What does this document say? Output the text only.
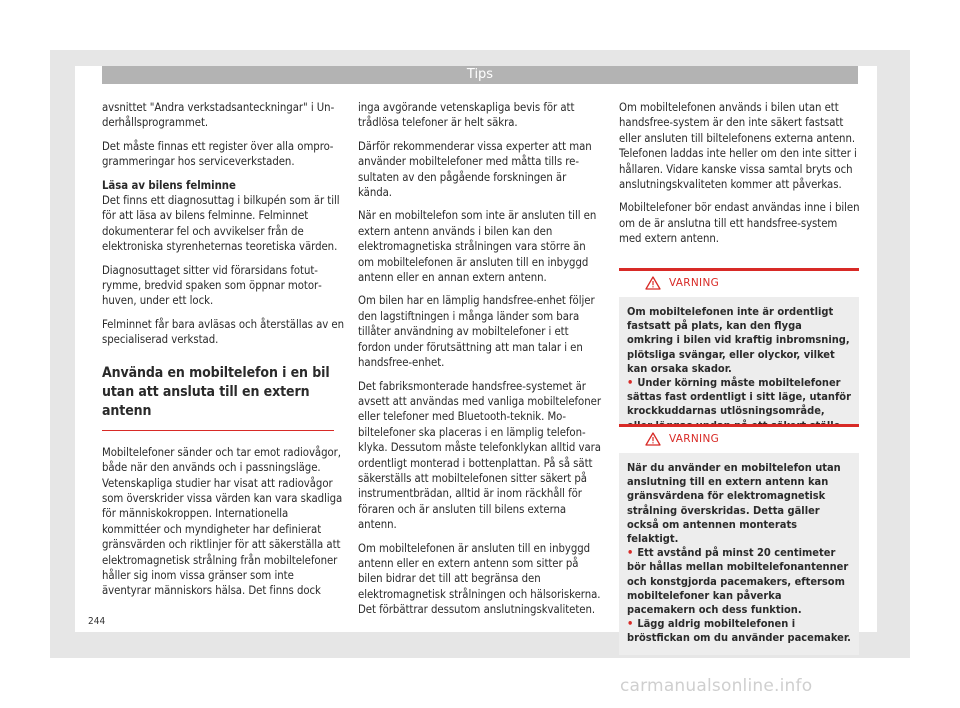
Tips

avsnittet "Andra verkstadsanteckningar" i Underhållsprogrammet.

Det måste finnas ett register över alla omprogrammeringar hos serviceverkstaden.

Läsa av bilens felminne

Det finns ett diagnosuttag i bilkupén som är till för att läsa av bilens felminne. Felminnet dokumenterar fel och avvikelser från de elektroniska styrenheternas teoretiska värden.

Diagnosuttaget sitter vid förarsidans fotutrymme, bredvid spaken som öppnar motorhuven, under ett lock.

Felminnet får bara avläsas och återställas av en specialiserad verkstad.

Använda en mobiltelefon i en bil utan att ansluta till en extern antenn

Mobiltelefoner sänder och tar emot radiovågor, både när den används och i passningsläge. Vetenskapliga studier har visat att radiovågor som överskrider vissa värden kan vara skadliga för människokroppen. Internationella kommittéer och myndigheter har definierat gränsvärden och riktlinjer för att säkerställa att elektromagnetisk strålning från mobiltelefoner håller sig inom vissa gränser som inte äventyrar människors hälsa. Det finns dock

inga avgörande vetenskapliga bevis för att trådlösa telefoner är helt säkra.

Därför rekommenderar vissa experter att man använder mobiltelefoner med måtta tills resultaten av den pågående forskningen är kända.

När en mobiltelefon som inte är ansluten till en extern antenn används i bilen kan den elektromagnetiska strålningen vara större än om mobiltelefonen är ansluten till en inbyggd antenn eller en annan extern antenn.

Om bilen har en lämplig handsfree-enhet följer den lagstiftningen i många länder som bara tillåter användning av mobiltelefoner i ett fordon under förutsättning att man talar i en handsfree-enhet.

Det fabriksmonterade handsfree-systemet är avsett att användas med vanliga mobiltelefoner eller telefoner med Bluetooth-teknik. Mobiltelefoner ska placeras i en lämplig telefonklyka. Dessutom måste telefonklykan alltid vara ordentligt monterad i bottenplattan. På så sätt säkerställs att mobiltelefonen sitter säkert på instrumentbrädan, alltid är inom räckhåll för föraren och är ansluten till bilens externa antenn.

Om mobiltelefonen är ansluten till en inbyggd antenn eller en extern antenn som sitter på bilen bidrar det till att begränsa den elektromagnetisk strålningen och hälsoriskerna. Det förbättrar dessutom anslutningskvaliteten.

Om mobiltelefonen används i bilen utan ett handsfree-system är den inte säkert fastsatt eller ansluten till biltelefonens externa antenn. Telefonen laddas inte heller om den inte sitter i hållaren. Vidare kanske vissa samtal bryts och anslutningskvaliteten kommer att påverkas.

Mobiltelefoner bör endast användas inne i bilen om de är anslutna till ett handsfree-system med extern antenn.

VARNING

Om mobiltelefonen inte är ordentligt fastsatt på plats, kan den flyga omkring i bilen vid kraftig inbromsning, plötsliga svängar, eller olyckor, vilket kan orsaka skador.

• Under körning måste mobiltelefoner sättas fast ordentligt i sitt läge, utanför krockkuddarnas utlösningsområde,

VARNING

När du använder en mobiltelefon utan anslutning till en extern antenn kan gränsvärdena för elektromagnetisk strålning överskridas. Detta gäller också om antennen monterats felaktigt.

• Ett avstånd på minst 20 centimeter bör hållas mellan mobiltelefonantenner och konstgjorda pacemakers, eftersom mobiltelefoner kan påverka pacemakern och dess funktion.

• Lägg aldrig mobiltelefonen i bröstfickan om du använder pacemaker.

244
carmanualsonline.info
